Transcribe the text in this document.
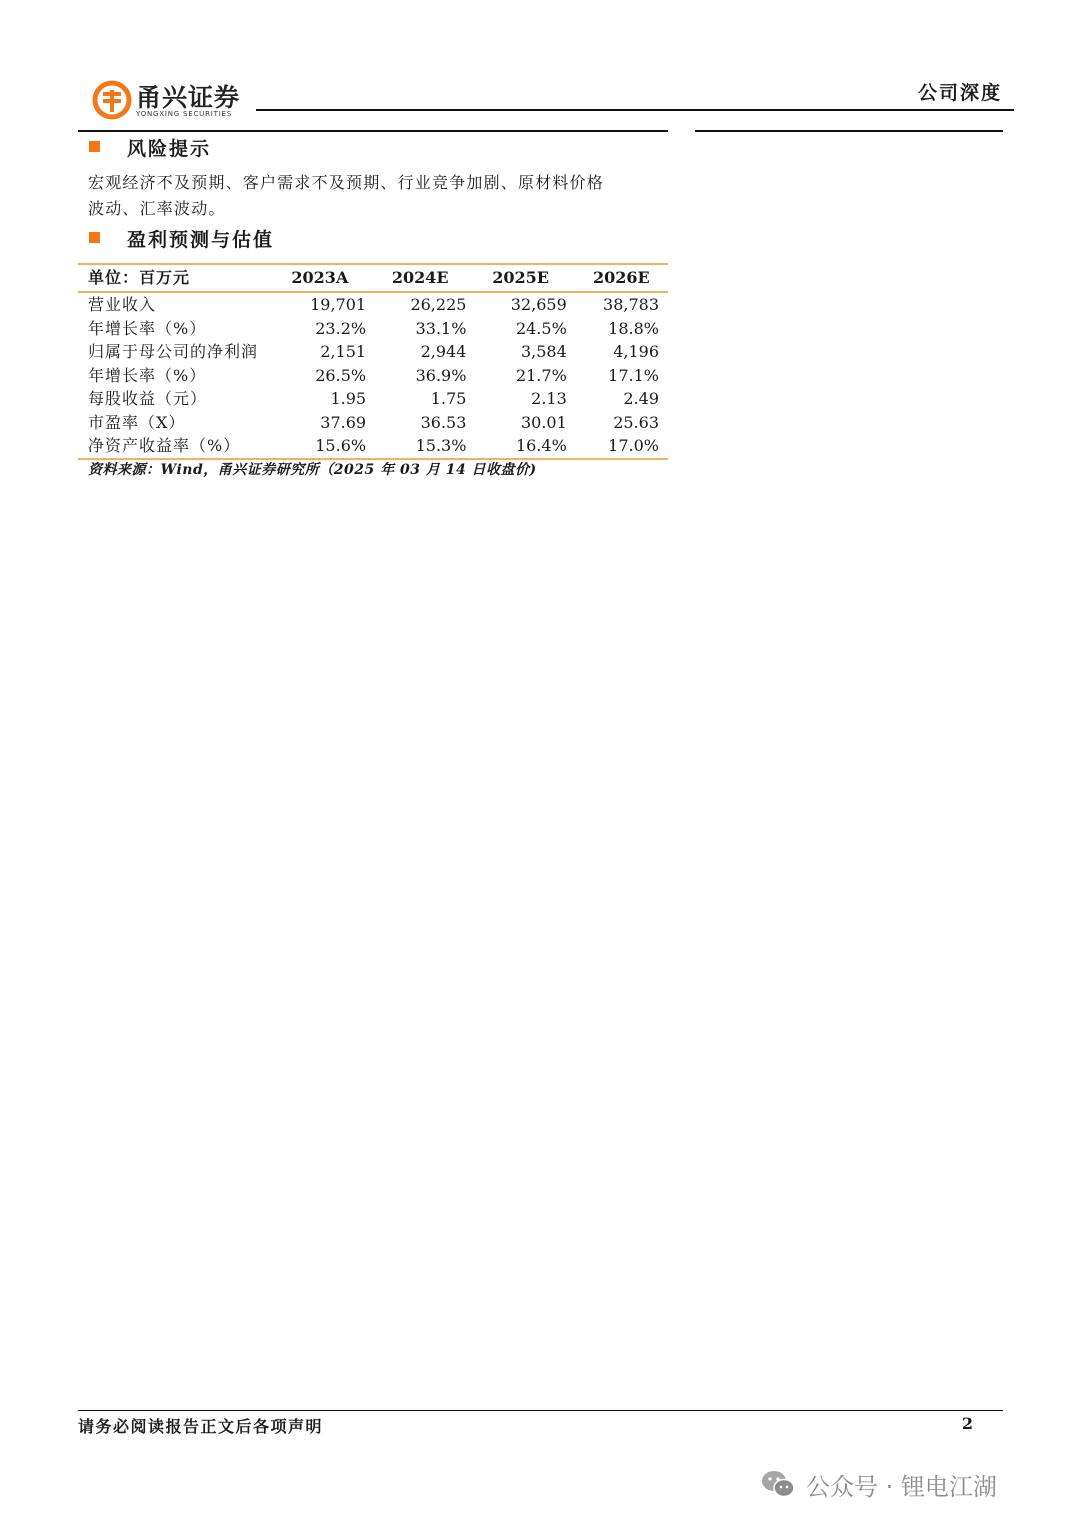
甬兴证券
YONGXING SECURITIES
公司深度
风险提示
宏观经济不及预期、客户需求不及预期、行业竞争加剧、原材料价格
波动、汇率波动。
盈利预测与估值
单位：百万元	2023A	2024E	2025E	2026E
营业收入	19,701	26,225	32,659	38,783
年增长率（%）	23.2%	33.1%	24.5%	18.8%
归属于母公司的净利润	2,151	2,944	3,584	4,196
年增长率（%）	26.5%	36.9%	21.7%	17.1%
每股收益（元）	1.95	1.75	2.13	2.49
市盈率（X）	37.69	36.53	30.01	25.63
净资产收益率（%）	15.6%	15.3%	16.4%	17.0%
资料来源：Wind，甬兴证券研究所（2025 年 03 月 14 日收盘价)
请务必阅读报告正文后各项声明	2
公众号 · 锂电江湖
